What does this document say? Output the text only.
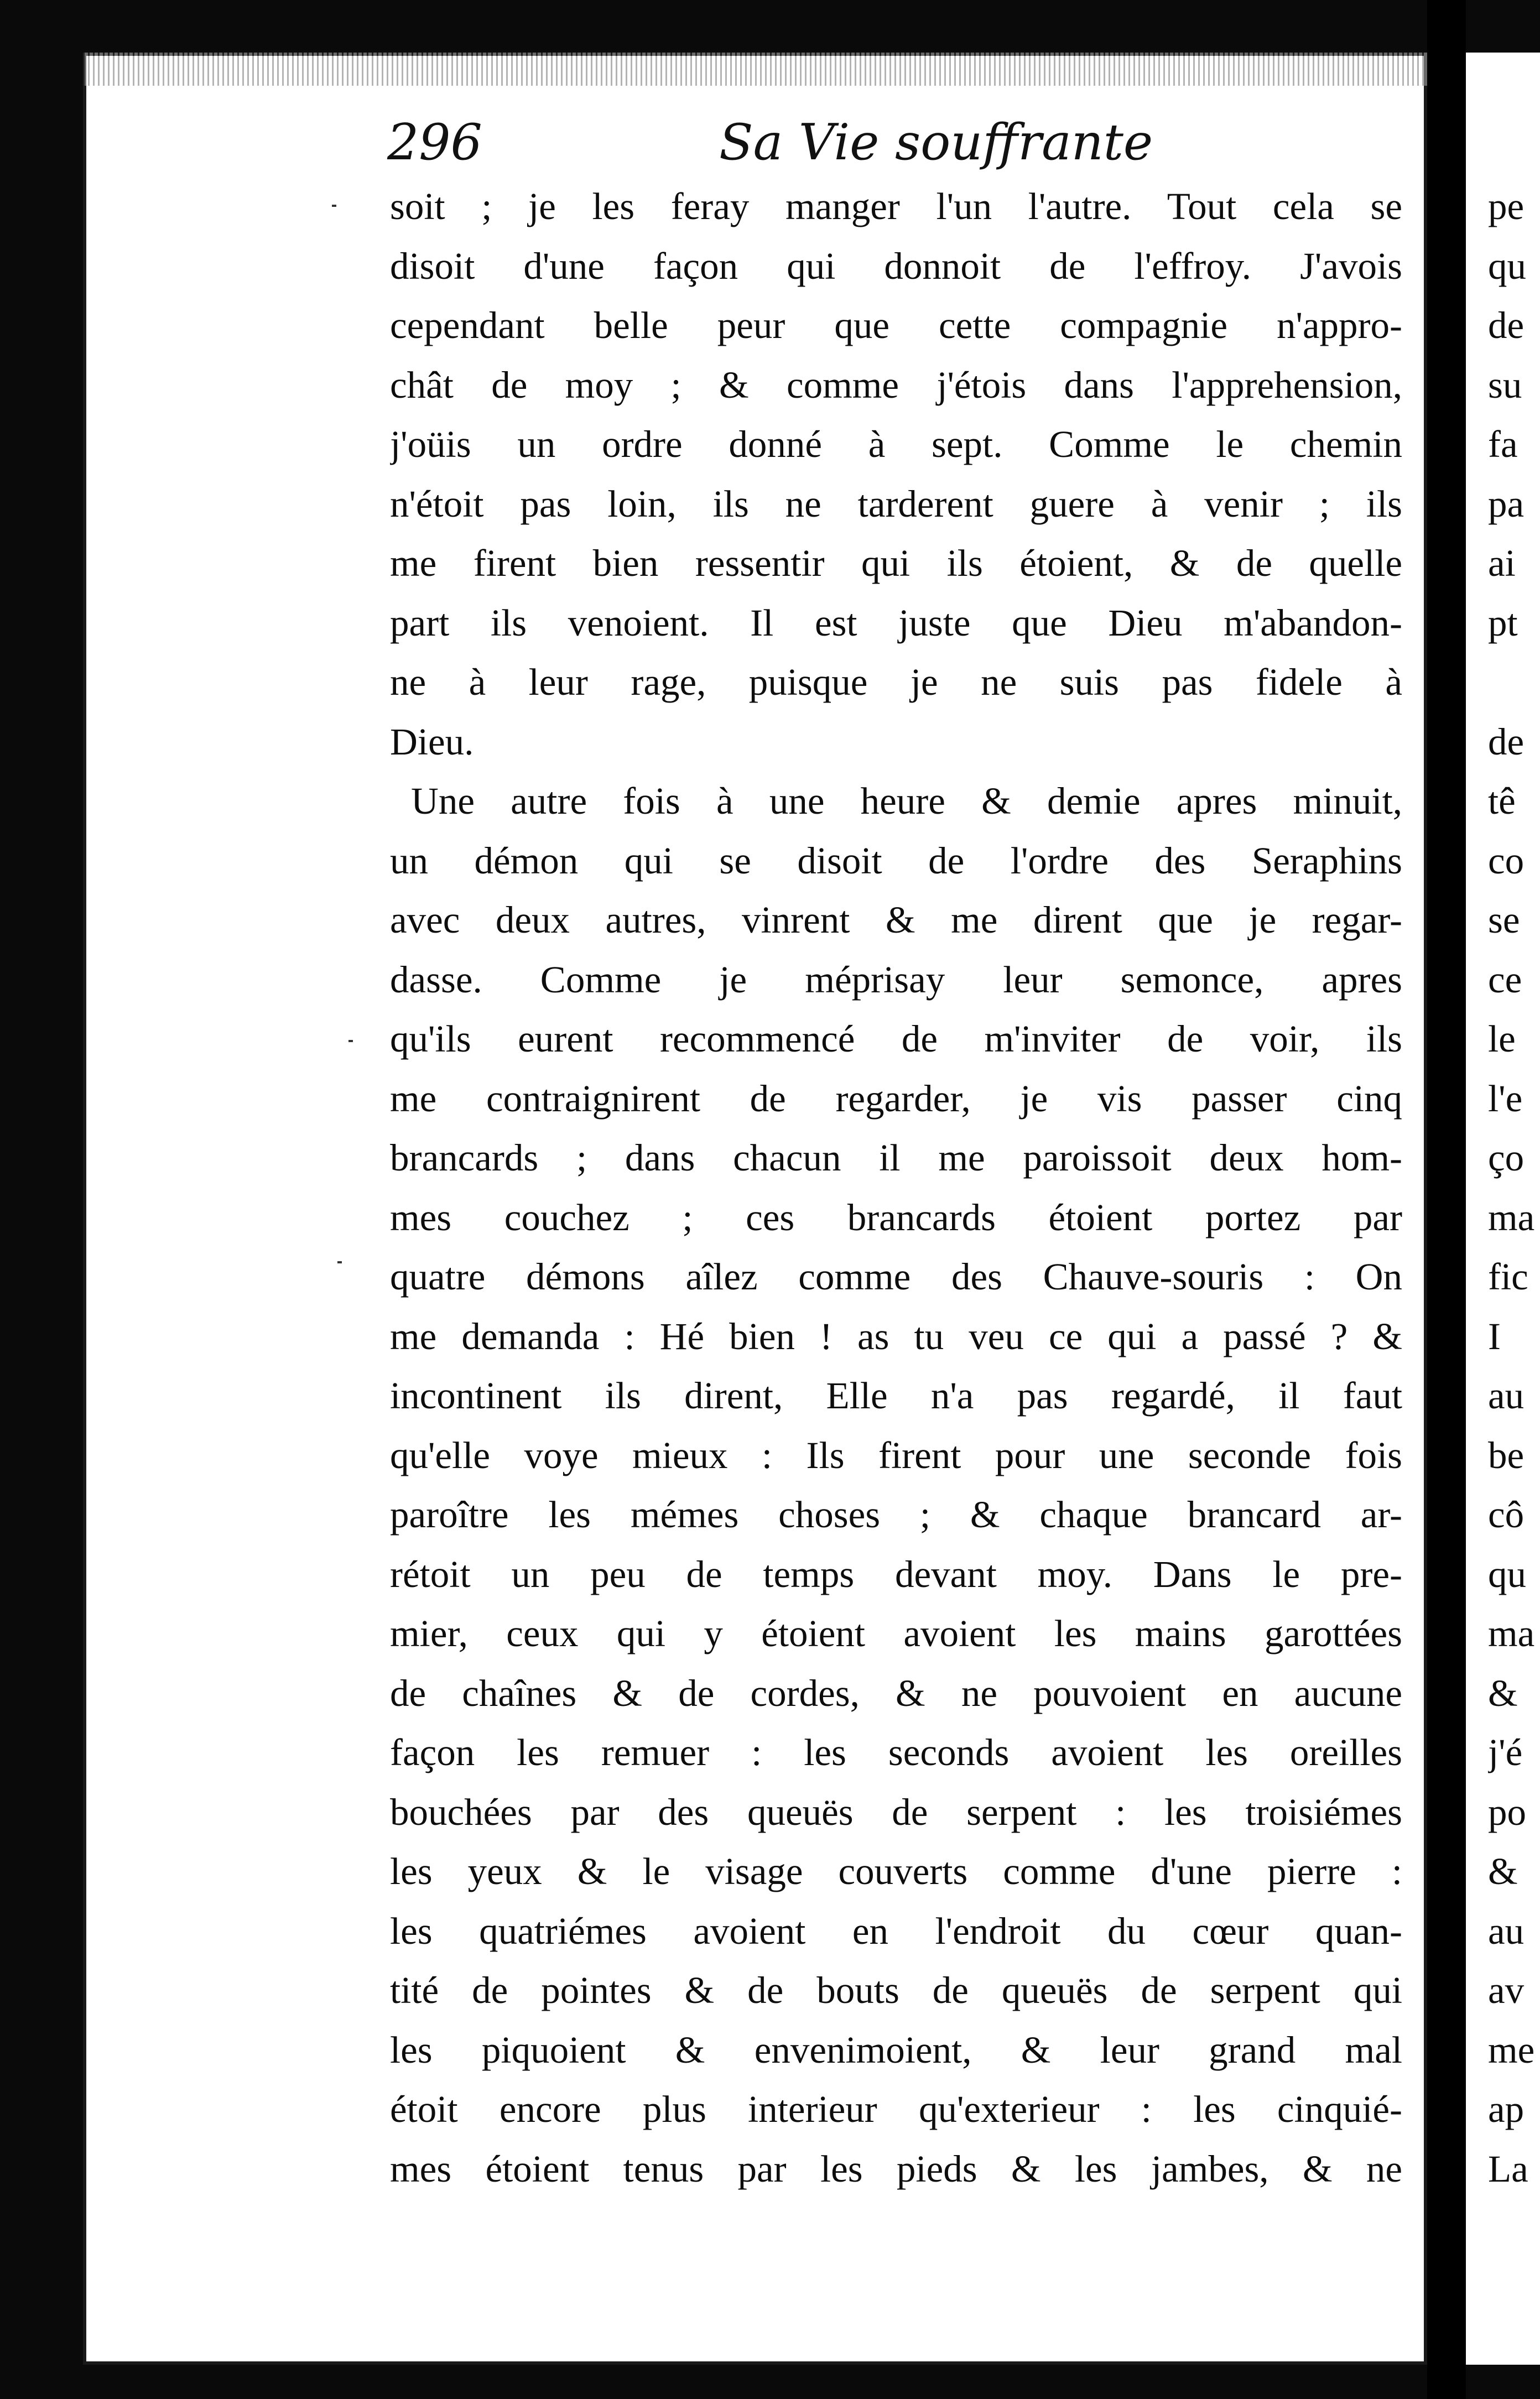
296	Sa Vie souffrante
soit ; je les feray manger l'un l'autre. Tout cela se
disoit d'une façon qui donnoit de l'effroy. J'avois
cependant belle peur que cette compagnie n'appro-
chât de moy ; & comme j'étois dans l'apprehension,
j'oüis un ordre donné à sept. Comme le chemin
n'étoit pas loin, ils ne tarderent guere à venir ; ils
me firent bien ressentir qui ils étoient, & de quelle
part ils venoient. Il est juste que Dieu m'abandon-
ne à leur rage, puisque je ne suis pas fidele à
Dieu.
Une autre fois à une heure & demie apres minuit,
un démon qui se disoit de l'ordre des Seraphins
avec deux autres, vinrent & me dirent que je regar-
dasse. Comme je méprisay leur semonce, apres
qu'ils eurent recommencé de m'inviter de voir, ils
me contraignirent de regarder, je vis passer cinq
brancards ; dans chacun il me paroissoit deux hom-
mes couchez ; ces brancards étoient portez par
quatre démons aîlez comme des Chauve-souris : On
me demanda : Hé bien ! as tu veu ce qui a passé ? &
incontinent ils dirent, Elle n'a pas regardé, il faut
qu'elle voye mieux : Ils firent pour une seconde fois
paroître les mémes choses ; & chaque brancard ar-
rétoit un peu de temps devant moy. Dans le pre-
mier, ceux qui y étoient avoient les mains garottées
de chaînes & de cordes, & ne pouvoient en aucune
façon les remuer : les seconds avoient les oreilles
bouchées par des queuës de serpent : les troisiémes
les yeux & le visage couverts comme d'une pierre :
les quatriémes avoient en l'endroit du cœur quan-
tité de pointes & de bouts de queuës de serpent qui
les piquoient & envenimoient, & leur grand mal
étoit encore plus interieur qu'exterieur : les cinquié-
mes étoient tenus par les pieds & les jambes, & ne
pe
qu
de
su
fa
pa
ai
pt
de
tê
co
se
ce
le
l'e
ço
ma
fic
I
au
be
cô
qu
ma
&
j'é
po
&
au
av
me
ap
La
